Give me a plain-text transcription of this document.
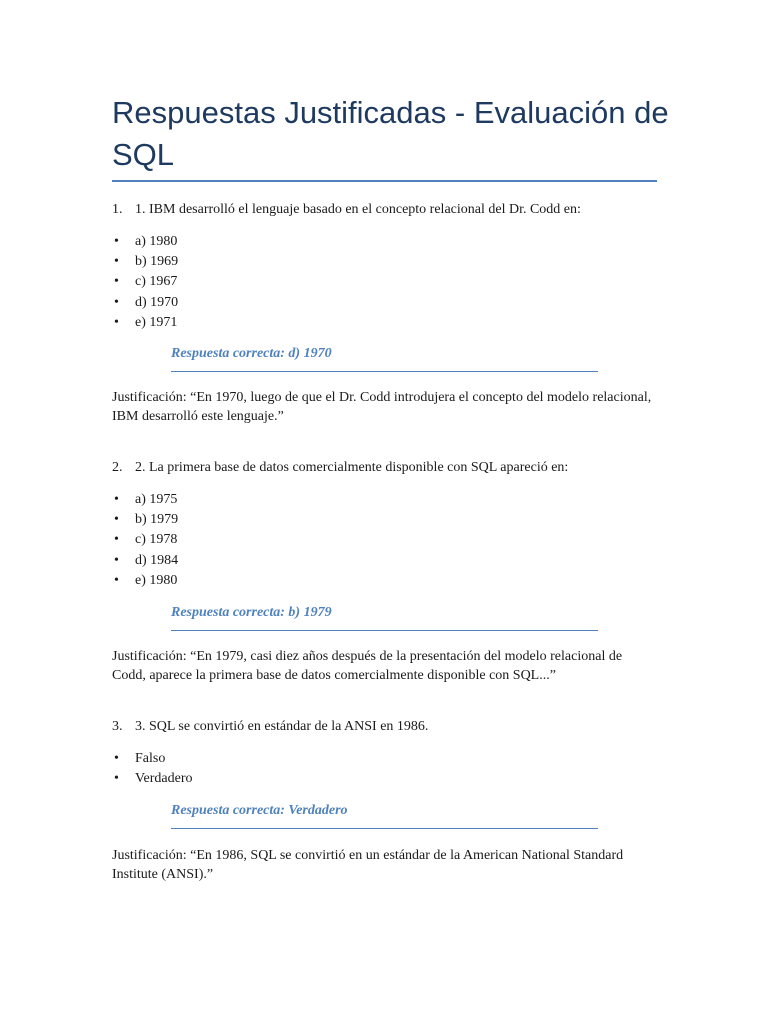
Respuestas Justificadas - Evaluación de SQL
1. 1. IBM desarrolló el lenguaje basado en el concepto relacional del Dr. Codd en:
•	a) 1980
•	b) 1969
•	c) 1967
•	d) 1970
•	e) 1971
Respuesta correcta: d) 1970

Justificación: “En 1970, luego de que el Dr. Codd introdujera el concepto del modelo relacional, IBM desarrolló este lenguaje.”

2. 2. La primera base de datos comercialmente disponible con SQL apareció en:
•	a) 1975
•	b) 1979
•	c) 1978
•	d) 1984
•	e) 1980
Respuesta correcta: b) 1979

Justificación: “En 1979, casi diez años después de la presentación del modelo relacional de Codd, aparece la primera base de datos comercialmente disponible con SQL...”

3. 3. SQL se convirtió en estándar de la ANSI en 1986.
•	Falso
•	Verdadero
Respuesta correcta: Verdadero

Justificación: “En 1986, SQL se convirtió en un estándar de la American National Standard Institute (ANSI).”
